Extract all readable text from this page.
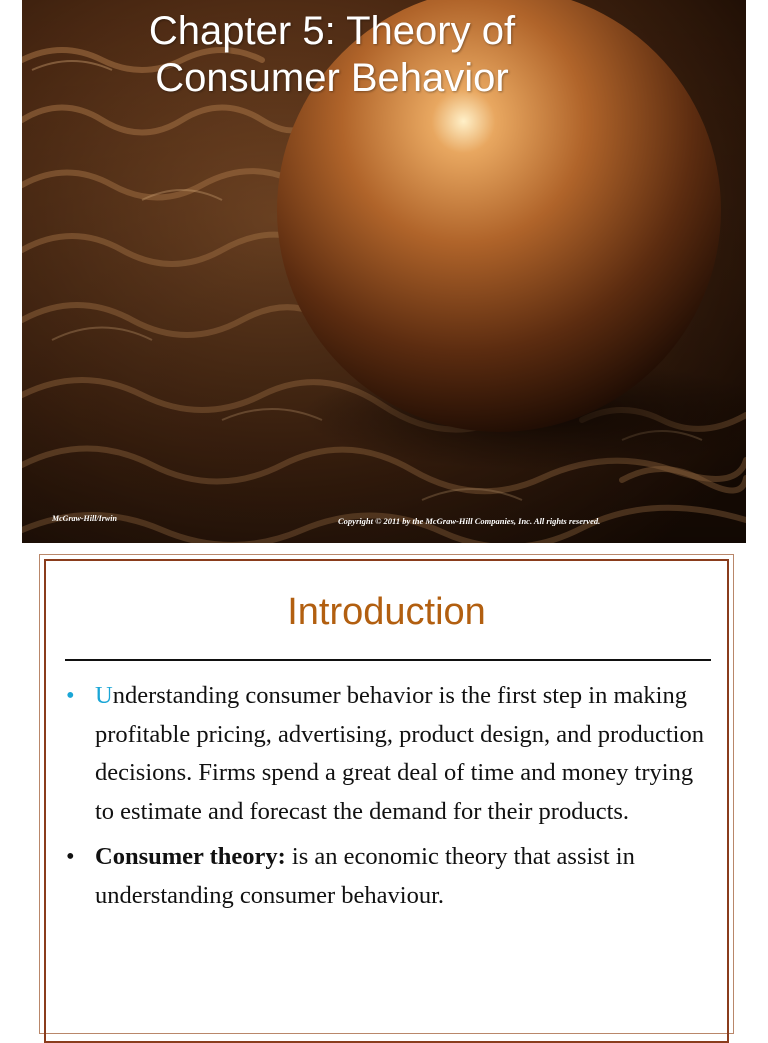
Chapter 5: Theory of
Consumer Behavior
McGraw-Hill/Irwin	Copyright © 2011 by the McGraw-Hill Companies, Inc. All rights reserved.
Introduction
• Understanding consumer behavior is the first step in making profitable pricing, advertising, product design, and production decisions. Firms spend a great deal of time and money trying to estimate and forecast the demand for their products.
• Consumer theory: is an economic theory that assist in understanding consumer behaviour.
